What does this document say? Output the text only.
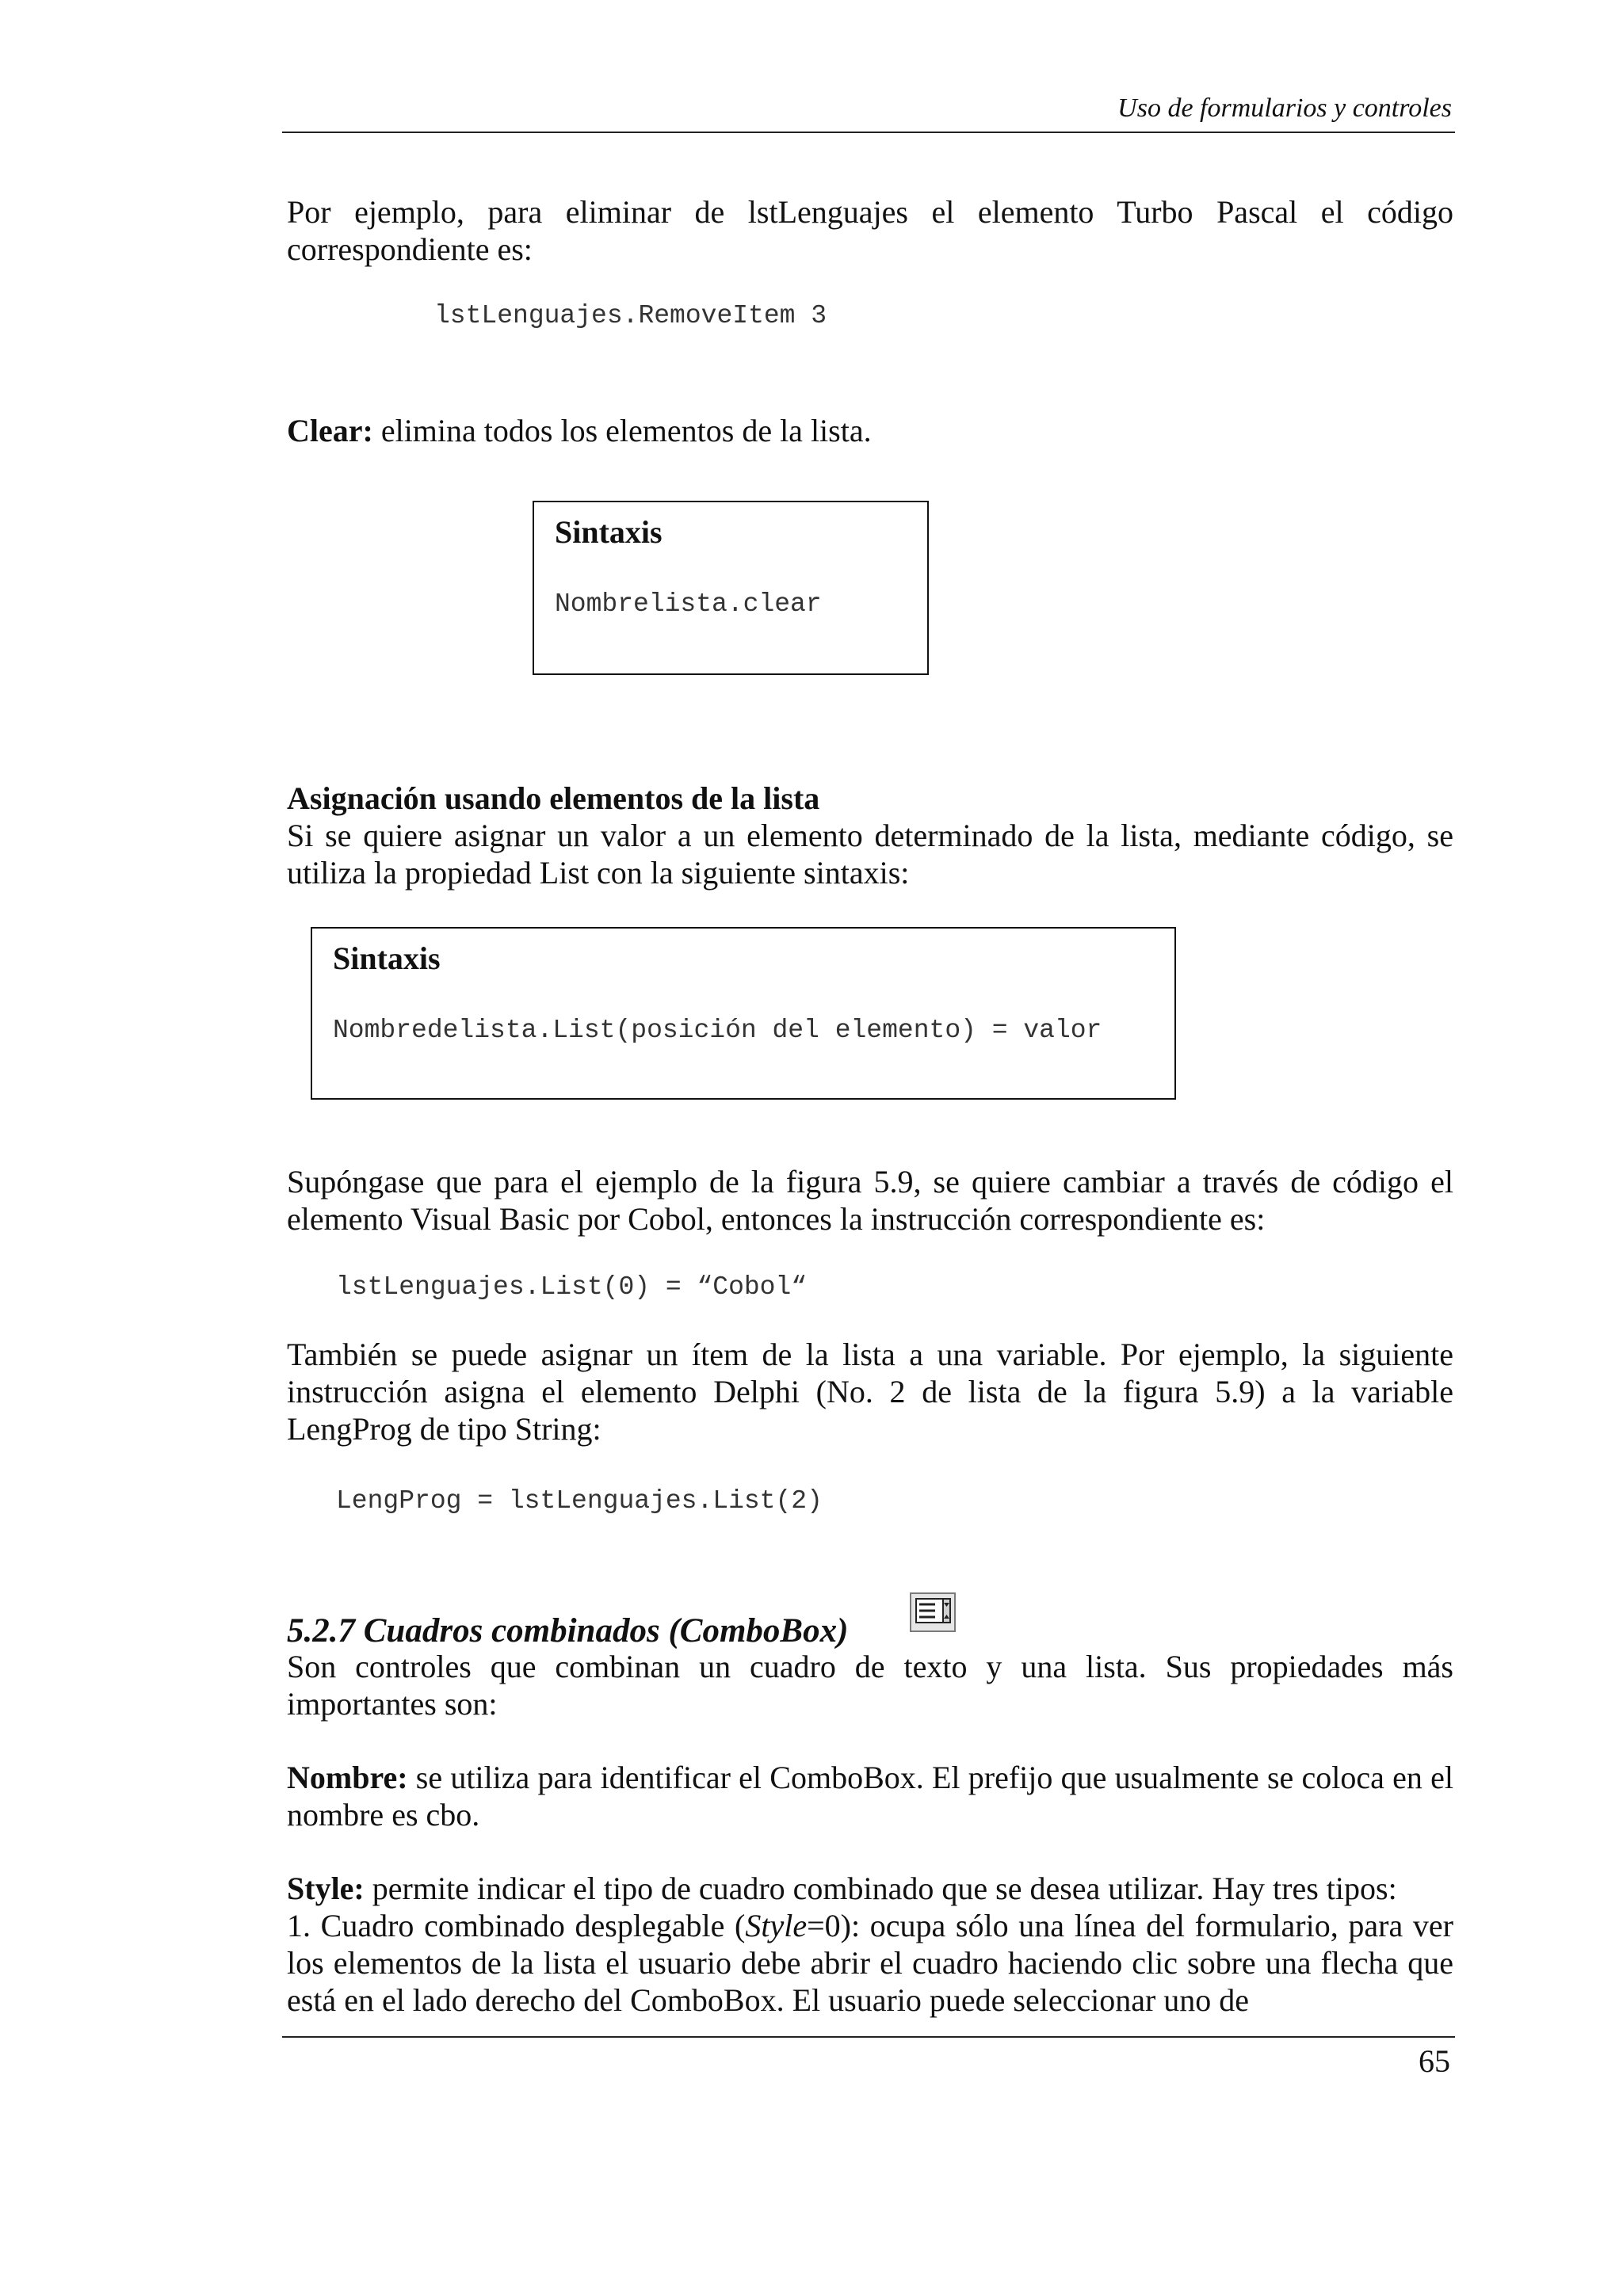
Uso de formularios y controles
Por ejemplo, para eliminar de lstLenguajes el elemento Turbo Pascal el código correspondiente es:
lstLenguajes.RemoveItem 3
Clear: elimina todos los elementos de la lista.
Sintaxis
Nombrelista.clear
Asignación usando elementos de la lista
Si se quiere asignar un valor a un elemento determinado de la lista, mediante código, se utiliza la propiedad List con la siguiente sintaxis:
Sintaxis
Nombredelista.List(posición del elemento) = valor
Supóngase que para el ejemplo de la figura 5.9, se quiere cambiar a través de código el elemento Visual Basic por Cobol, entonces la instrucción correspondiente es:
lstLenguajes.List(0) = “Cobol“
También se puede asignar un ítem de la lista a una variable. Por ejemplo, la siguiente instrucción asigna el elemento Delphi (No. 2 de lista de la figura 5.9) a la variable LengProg de tipo String:
LengProg = lstLenguajes.List(2)
5.2.7 Cuadros combinados (ComboBox)
Son controles que combinan un cuadro de texto y una lista. Sus propiedades más importantes son:
Nombre: se utiliza para identificar el ComboBox. El prefijo que usualmente se coloca en el nombre es cbo.
Style: permite indicar el tipo de cuadro combinado que se desea utilizar. Hay tres tipos:
1. Cuadro combinado desplegable (Style=0): ocupa sólo una línea del formulario, para ver los elementos de la lista el usuario debe abrir el cuadro haciendo clic sobre una flecha que está en el lado derecho del ComboBox. El usuario puede seleccionar uno de
65
